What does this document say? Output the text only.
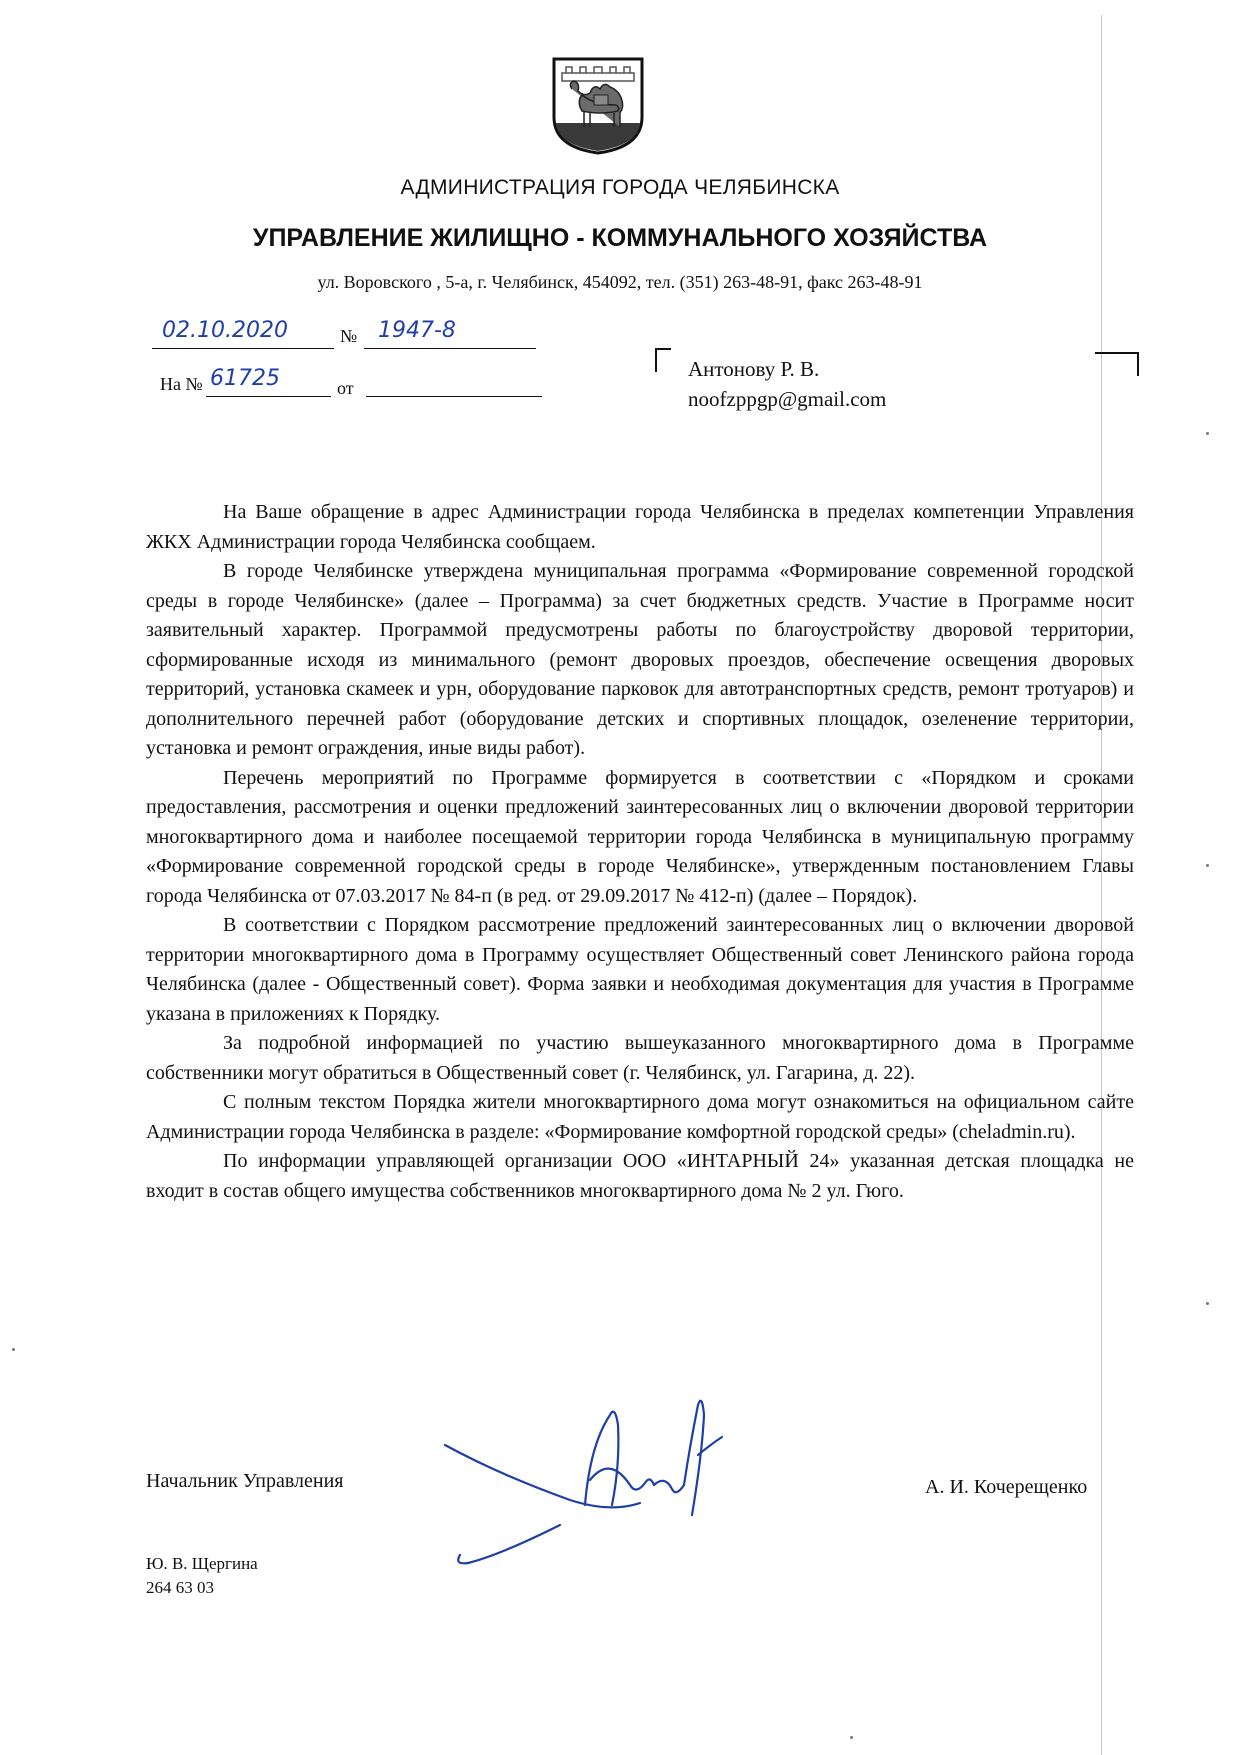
АДМИНИСТРАЦИЯ ГОРОДА ЧЕЛЯБИНСКА
УПРАВЛЕНИЕ ЖИЛИЩНО - КОММУНАЛЬНОГО ХОЗЯЙСТВА
ул. Воровского , 5-а, г. Челябинск, 454092, тел. (351) 263-48-91, факс 263-48-91
02.10.2020	№ 1947-8
На № 61725	от
Антонову Р. В.
noofzppgp@gmail.com

На Ваше обращение в адрес Администрации города Челябинска в пределах компетенции Управления ЖКХ Администрации города Челябинска сообщаем.

В городе Челябинске утверждена муниципальная программа «Формирование современной городской среды в городе Челябинске» (далее – Программа) за счет бюджетных средств. Участие в Программе носит заявительный характер. Программой предусмотрены работы по благоустройству дворовой территории, сформированные исходя из минимального (ремонт дворовых проездов, обеспечение освещения дворовых территорий, установка скамеек и урн, оборудование парковок для автотранспортных средств, ремонт тротуаров) и дополнительного перечней работ (оборудование детских и спортивных площадок, озеленение территории, установка и ремонт ограждения, иные виды работ).

Перечень мероприятий по Программе формируется в соответствии с «Порядком и сроками предоставления, рассмотрения и оценки предложений заинтересованных лиц о включении дворовой территории многоквартирного дома и наиболее посещаемой территории города Челябинска в муниципальную программу «Формирование современной городской среды в городе Челябинске», утвержденным постановлением Главы города Челябинска от 07.03.2017 № 84-п (в ред. от 29.09.2017 № 412-п) (далее – Порядок).

В соответствии с Порядком рассмотрение предложений заинтересованных лиц о включении дворовой территории многоквартирного дома в Программу осуществляет Общественный совет Ленинского района города Челябинска (далее - Общественный совет). Форма заявки и необходимая документация для участия в Программе указана в приложениях к Порядку.

За подробной информацией по участию вышеуказанного многоквартирного дома в Программе собственники могут обратиться в Общественный совет (г. Челябинск, ул. Гагарина, д. 22).

С полным текстом Порядка жители многоквартирного дома могут ознакомиться на официальном сайте Администрации города Челябинска в разделе: «Формирование комфортной городской среды» (cheladmin.ru).

По информации управляющей организации ООО «ИНТАРНЫЙ 24» указанная детская площадка не входит в состав общего имущества собственников многоквартирного дома № 2 ул. Гюго.

Начальник Управления	А. И. Кочерещенко
Ю. В. Щергина
264 63 03
